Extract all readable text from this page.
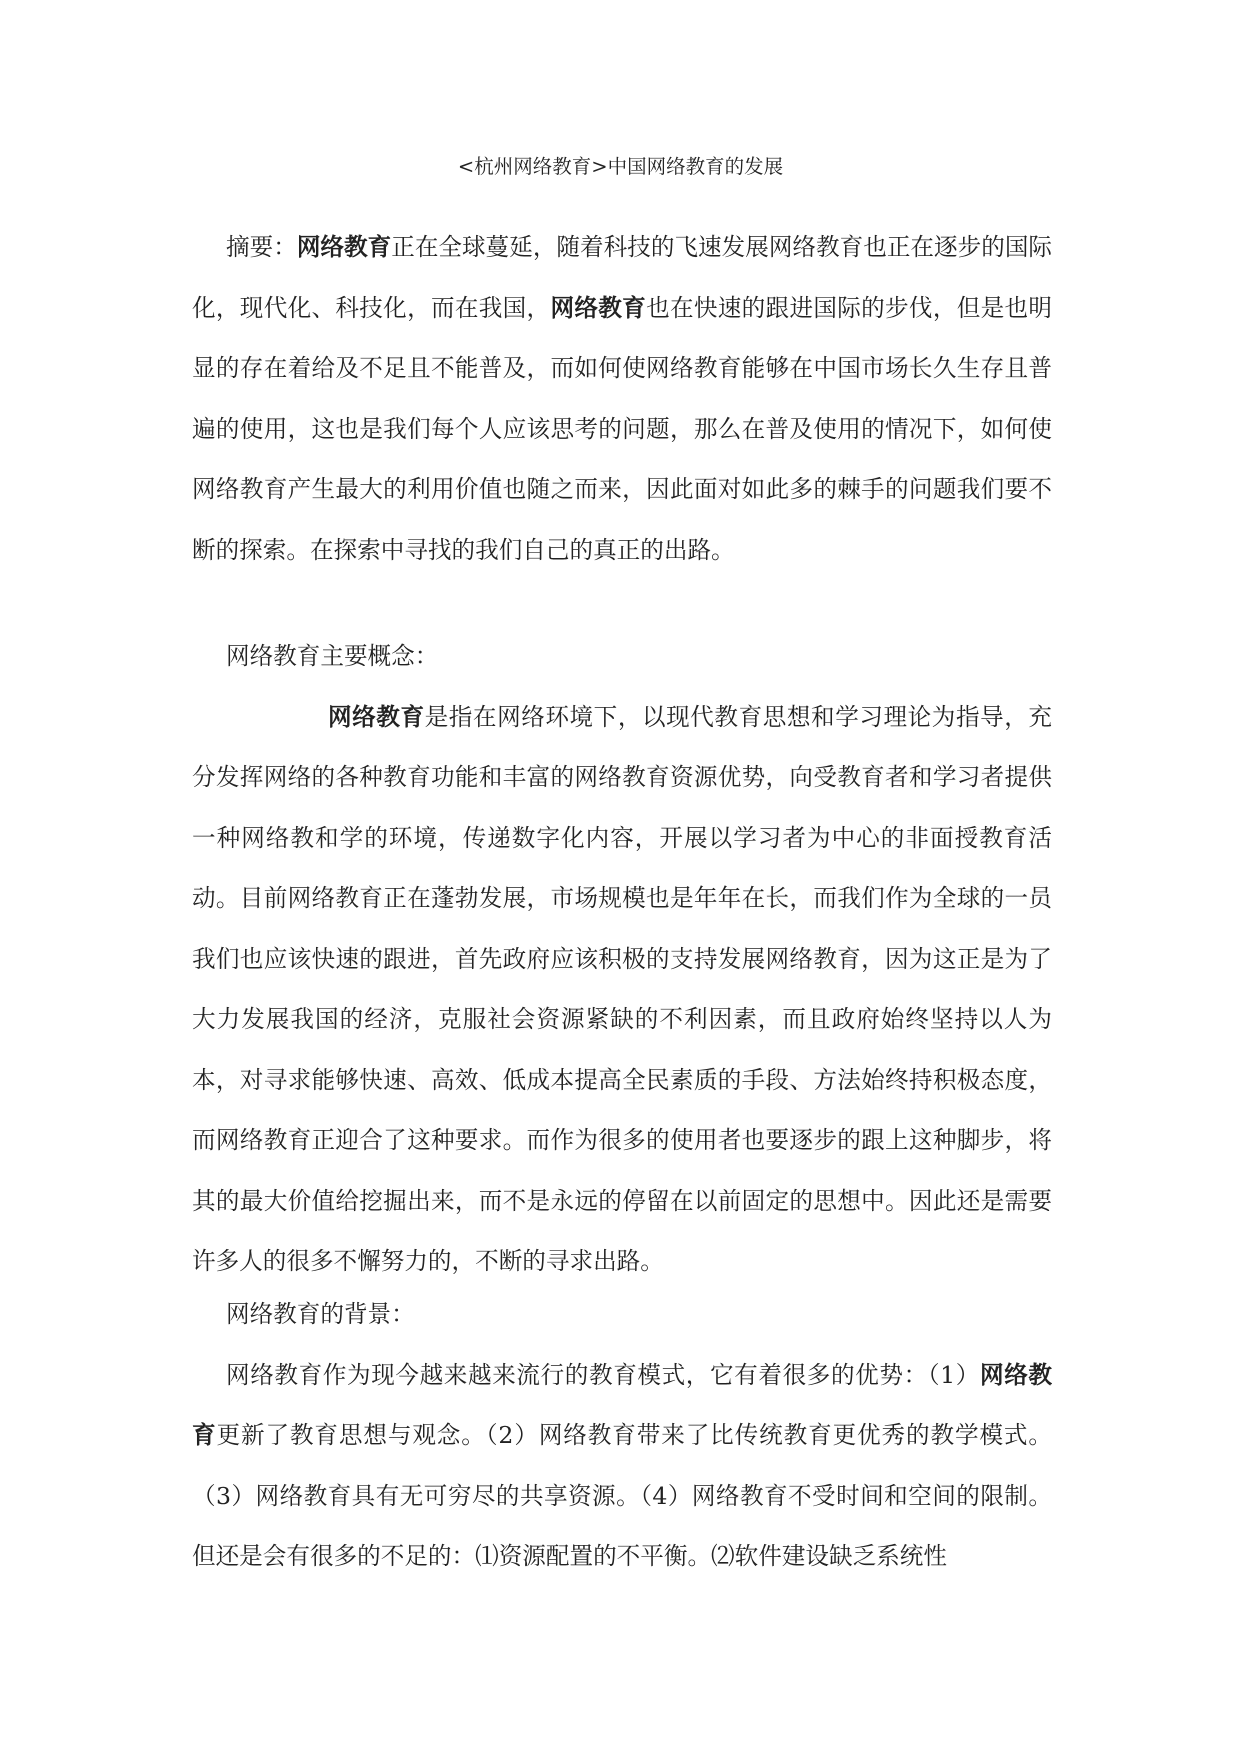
<杭州网络教育>中国网络教育的发展

摘要：网络教育正在全球蔓延，随着科技的飞速发展网络教育也正在逐步的国际化，现代化、科技化，而在我国，网络教育也在快速的跟进国际的步伐，但是也明显的存在着给及不足且不能普及，而如何使网络教育能够在中国市场长久生存且普遍的使用，这也是我们每个人应该思考的问题，那么在普及使用的情况下，如何使网络教育产生最大的利用价值也随之而来，因此面对如此多的棘手的问题我们要不断的探索。在探索中寻找的我们自己的真正的出路。

网络教育主要概念：

网络教育是指在网络环境下，以现代教育思想和学习理论为指导，充分发挥网络的各种教育功能和丰富的网络教育资源优势，向受教育者和学习者提供一种网络教和学的环境，传递数字化内容，开展以学习者为中心的非面授教育活动。目前网络教育正在蓬勃发展，市场规模也是年年在长，而我们作为全球的一员我们也应该快速的跟进，首先政府应该积极的支持发展网络教育，因为这正是为了大力发展我国的经济，克服社会资源紧缺的不利因素，而且政府始终坚持以人为本，对寻求能够快速、高效、低成本提高全民素质的手段、方法始终持积极态度，而网络教育正迎合了这种要求。而作为很多的使用者也要逐步的跟上这种脚步，将其的最大价值给挖掘出来，而不是永远的停留在以前固定的思想中。因此还是需要许多人的很多不懈努力的，不断的寻求出路。

网络教育的背景：

网络教育作为现今越来越来流行的教育模式，它有着很多的优势：（1）网络教育更新了教育思想与观念。（2）网络教育带来了比传统教育更优秀的教学模式。（3）网络教育具有无可穷尽的共享资源。（4）网络教育不受时间和空间的限制。但还是会有很多的不足的：⑴资源配置的不平衡。⑵软件建设缺乏系统性
